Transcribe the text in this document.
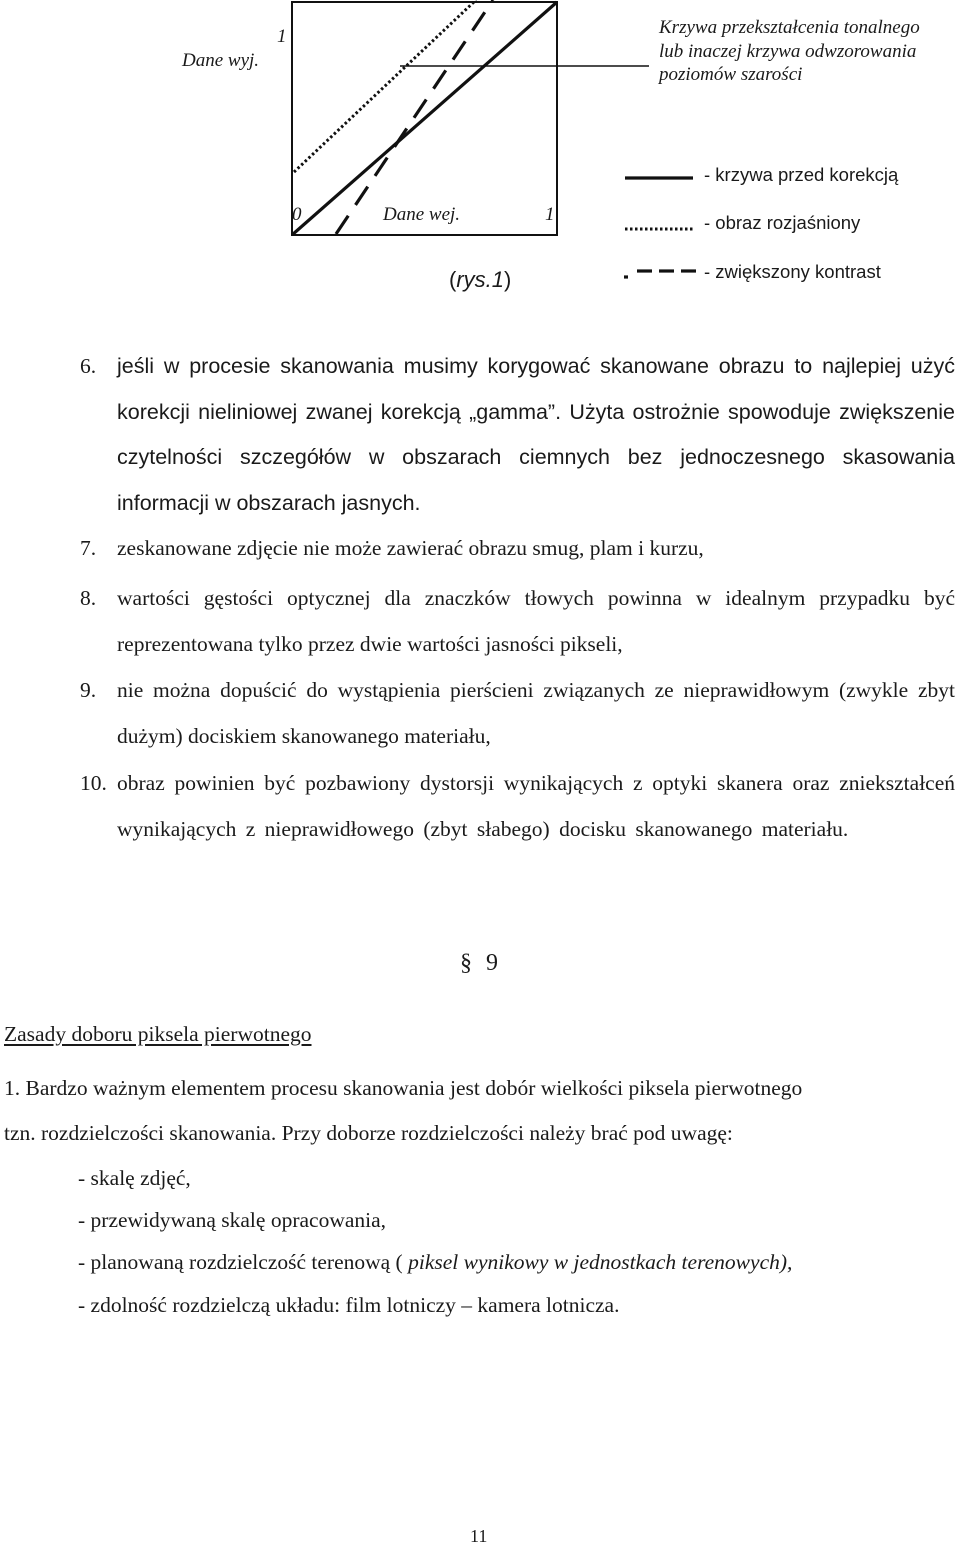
1
Dane wyj.
0	Dane wej.	1
Krzywa przekształcenia tonalnego lub inaczej krzywa odwzorowania poziomów szarości
- krzywa przed korekcją
- obraz rozjaśniony
- zwiększony kontrast
(rys.1)
6. jeśli w procesie skanowania musimy korygować skanowane obrazu to najlepiej użyć korekcji nieliniowej zwanej korekcją „gamma”. Użyta ostrożnie spowoduje zwiększenie czytelności szczegółów w obszarach ciemnych bez jednoczesnego skasowania informacji w obszarach jasnych.
7. zeskanowane zdjęcie nie może zawierać obrazu smug, plam i kurzu,
8. wartości gęstości optycznej dla znaczków tłowych powinna w idealnym przypadku być reprezentowana tylko przez dwie wartości jasności pikseli,
9. nie można dopuścić do wystąpienia pierścieni związanych ze nieprawidłowym (zwykle zbyt dużym) dociskiem skanowanego materiału,
10. obraz powinien być pozbawiony dystorsji wynikających z optyki skanera oraz zniekształceń wynikających z nieprawidłowego (zbyt słabego) docisku skanowanego materiału.
§ 9
Zasady doboru piksela pierwotnego
1. Bardzo ważnym elementem procesu skanowania jest dobór wielkości piksela pierwotnego
tzn. rozdzielczości skanowania. Przy doborze rozdzielczości należy brać pod uwagę:
- skalę zdjęć,
- przewidywaną skalę opracowania,
- planowaną rozdzielczość terenową ( piksel wynikowy w jednostkach terenowych),
- zdolność rozdzielczą układu: film lotniczy – kamera lotnicza.
11
